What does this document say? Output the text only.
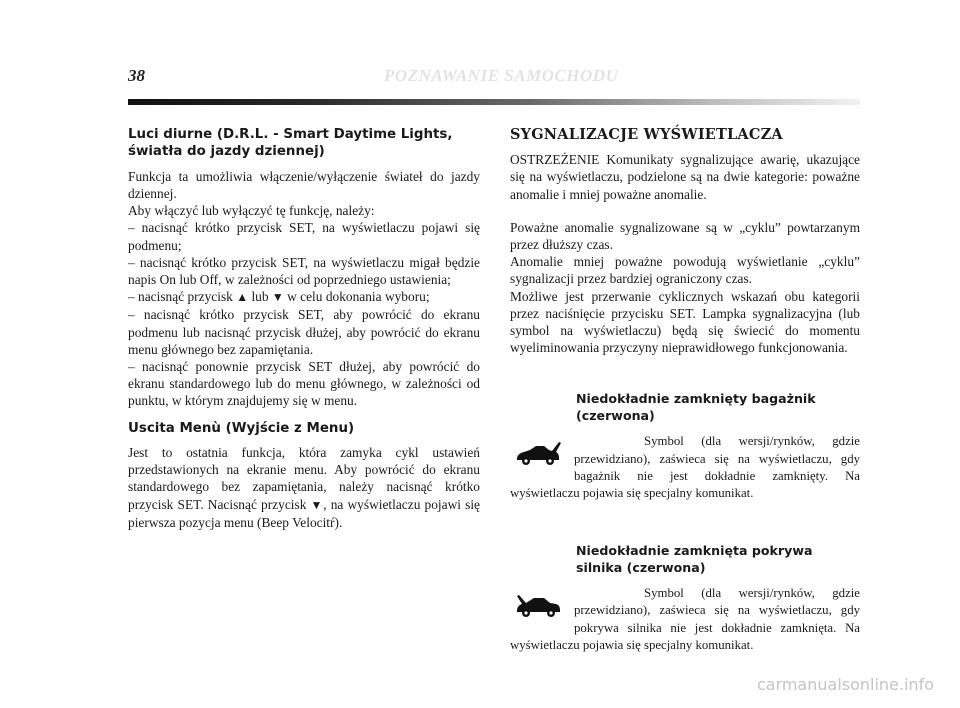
38	POZNAWANIE SAMOCHODU
Luci diurne (D.R.L. - Smart Daytime Lights, światła do jazdy dziennej)

Funkcja ta umożliwia włączenie/wyłączenie świateł do jazdy dziennej.

Aby włączyć lub wyłączyć tę funkcję, należy:

– nacisnąć krótko przycisk SET, na wyświetlaczu pojawi się podmenu;

– nacisnąć krótko przycisk SET, na wyświetlaczu migał będzie napis On lub Off, w zależności od poprzedniego ustawienia;

– nacisnąć przycisk ▲ lub ▼ w celu dokonania wyboru;

– nacisnąć krótko przycisk SET, aby powrócić do ekranu podmenu lub nacisnąć przycisk dłużej, aby powrócić do ekranu menu głównego bez zapamiętania.

– nacisnąć ponownie przycisk SET dłużej, aby powrócić do ekranu standardowego lub do menu głównego, w zależności od punktu, w którym znajdujemy się w menu.

Uscita Menù (Wyjście z Menu)

Jest to ostatnia funkcja, która zamyka cykl ustawień przedstawionych na ekranie menu. Aby powrócić do ekranu standardowego bez zapamiętania, należy nacisnąć krótko przycisk SET. Nacisnąć przycisk ▼, na wyświetlaczu pojawi się pierwsza pozycja menu (Beep Velocitŕ).

SYGNALIZACJE WYŚWIETLACZA

OSTRZEŻENIE Komunikaty sygnalizujące awarię, ukazujące się na wyświetlaczu, podzielone są na dwie kategorie: poważne anomalie i mniej poważne anomalie.

Poważne anomalie sygnalizowane są w „cyklu” powtarzanym przez dłuższy czas.

Anomalie mniej poważne powodują wyświetlanie „cyklu” sygnalizacji przez bardziej ograniczony czas.

Możliwe jest przerwanie cyklicznych wskazań obu kategorii przez naciśnięcie przycisku SET. Lampka sygnalizacyjna (lub symbol na wyświetlaczu) będą się świecić do momentu wyeliminowania przyczyny nieprawidłowego funkcjonowania.

Niedokładnie zamknięty bagażnik (czerwona)

Symbol (dla wersji/rynków, gdzie przewidziano), zaświeca się na wyświetlaczu, gdy bagażnik nie jest dokładnie zamknięty. Na wyświetlaczu pojawia się specjalny komunikat.

Niedokładnie zamknięta pokrywa silnika (czerwona)

Symbol (dla wersji/rynków, gdzie przewidziano), zaświeca się na wyświetlaczu, gdy pokrywa silnika nie jest dokładnie zamknięta. Na wyświetlaczu pojawia się specjalny komunikat.

carmanualsonline.info
